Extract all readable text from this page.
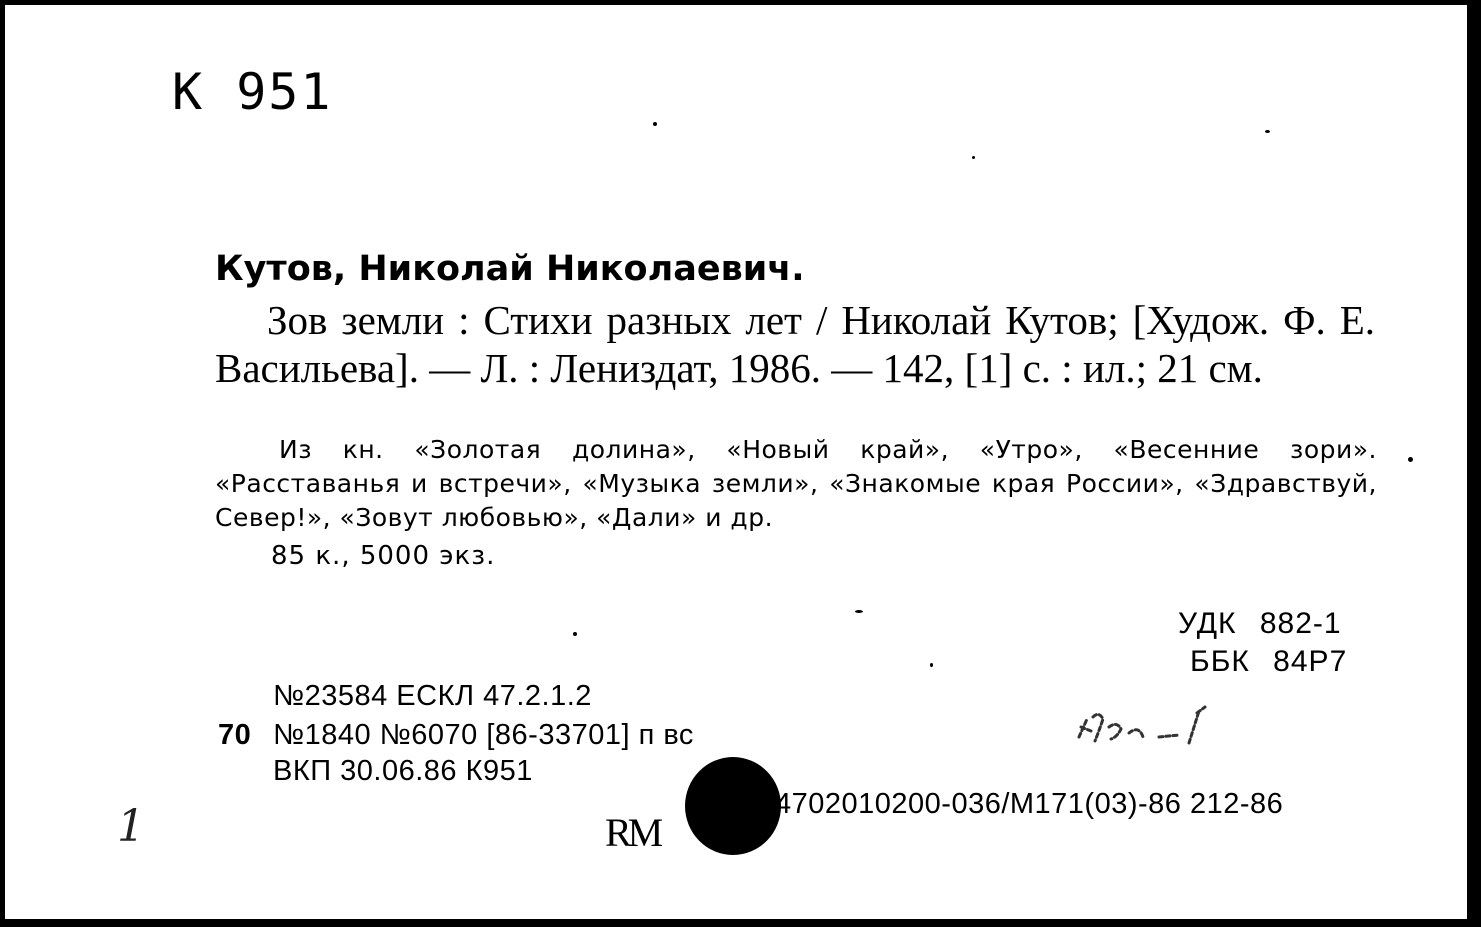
К 951
Кутов, Николай Николаевич.

Зов земли : Стихи разных лет / Николай Кутов; [Худож. Ф. Е. Васильева]. — Л. : Лениздат, 1986. — 142, [1] с. : ил.; 21 см.

Из кн. «Золотая долина», «Новый край», «Утро», «Весенние зори». «Расставанья и встречи», «Музыка земли», «Знакомые края России», «Здравствуй, Север!», «Зовут любовью», «Дали» и др.

85 к., 5000 экз.
УДК 882-1
ББК 84Р7
№23584 ЕСКЛ 47.2.1.2
70 №1840 №6070 [86-33701] п вс
ВКП 30.06.86 К951
4702010200-036/М171(03)-86 212-86
RM
1
